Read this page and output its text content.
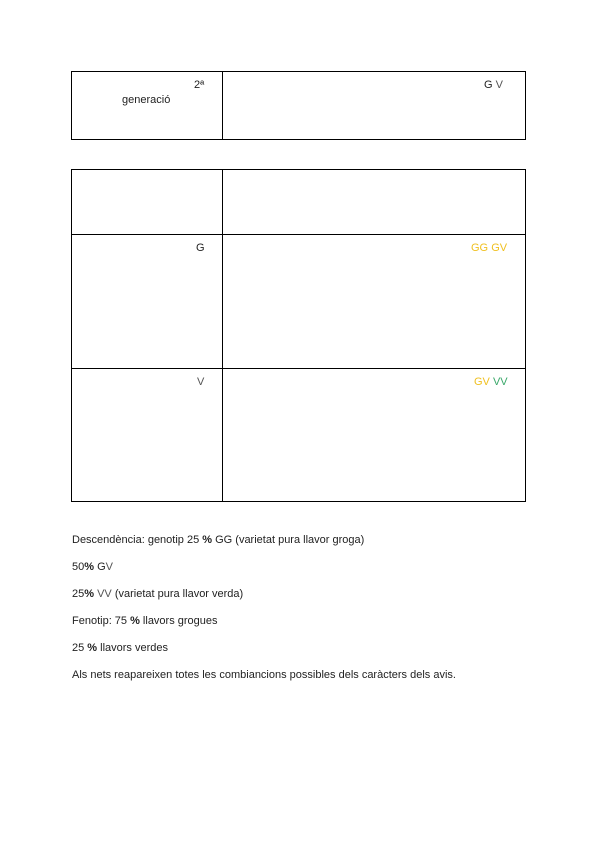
2ª
generació
G V
G	GG GV
V	GV VV
Descendència: genotip 25 % GG (varietat pura llavor groga)
50% GV
25% VV (varietat pura llavor verda)
Fenotip: 75 % llavors grogues
25 % llavors verdes
Als nets reapareixen totes les combiancions possibles dels caràcters dels avis.
